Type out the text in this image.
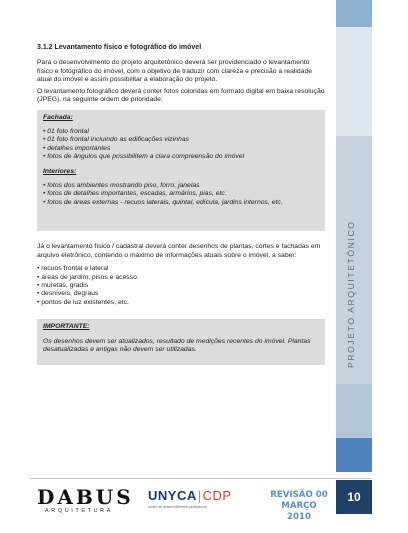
PROJETO ARQUITETÔNICO
3.1.2 Levantamento físico e fotográfico do imóvel

Para o desenvolvimento do projeto arquitetônico deverá ser providenciado o levantamento físico e fotográfico do imóvel, com o objetivo de traduzir com clareza e precisão a realidade atual do imóvel e assim possibilitar a elaboração do projeto.

O levantamento fotográfico deverá conter fotos coloridas em formato digital em baixa resolução (JPEG), na seguinte ordem de prioridade:

Fachada:
• 01 foto frontal
• 01 foto frontal incluindo as edificações vizinhas
• detalhes importantes
• fotos de ângulos que possibilitem a clara compreensão do imóvel
Interiores:
• fotos dos ambientes mostrando piso, forro, janelas
• fotos de detalhes importantes, escadas, armários, pias, etc.
• fotos de áreas externas - recuos laterais, quintal, edícula, jardins internos, etc.

Já o levantamento físico / cadastral deverá conter desenhos de plantas, cortes e fachadas em arquivo eletrônico, contendo o máximo de informações atuais sobre o imóvel, a saber:

• recuos frontal e lateral
• áreas de jardim, pisos e acesso
• muretas, gradis
• desníveis, degraus
• pontos de luz existentes, etc.
IMPORTANTE:
Os desenhos devem ser atualizados, resultado de medições recentes do imóvel. Plantas desatualizadas e antigas não devem ser utilizadas.
DABUS
ARQUITETURA
UNYCA|CDP
centro de desenvolvimento profissional
REVISÃO 00
MARÇO 2010
10
